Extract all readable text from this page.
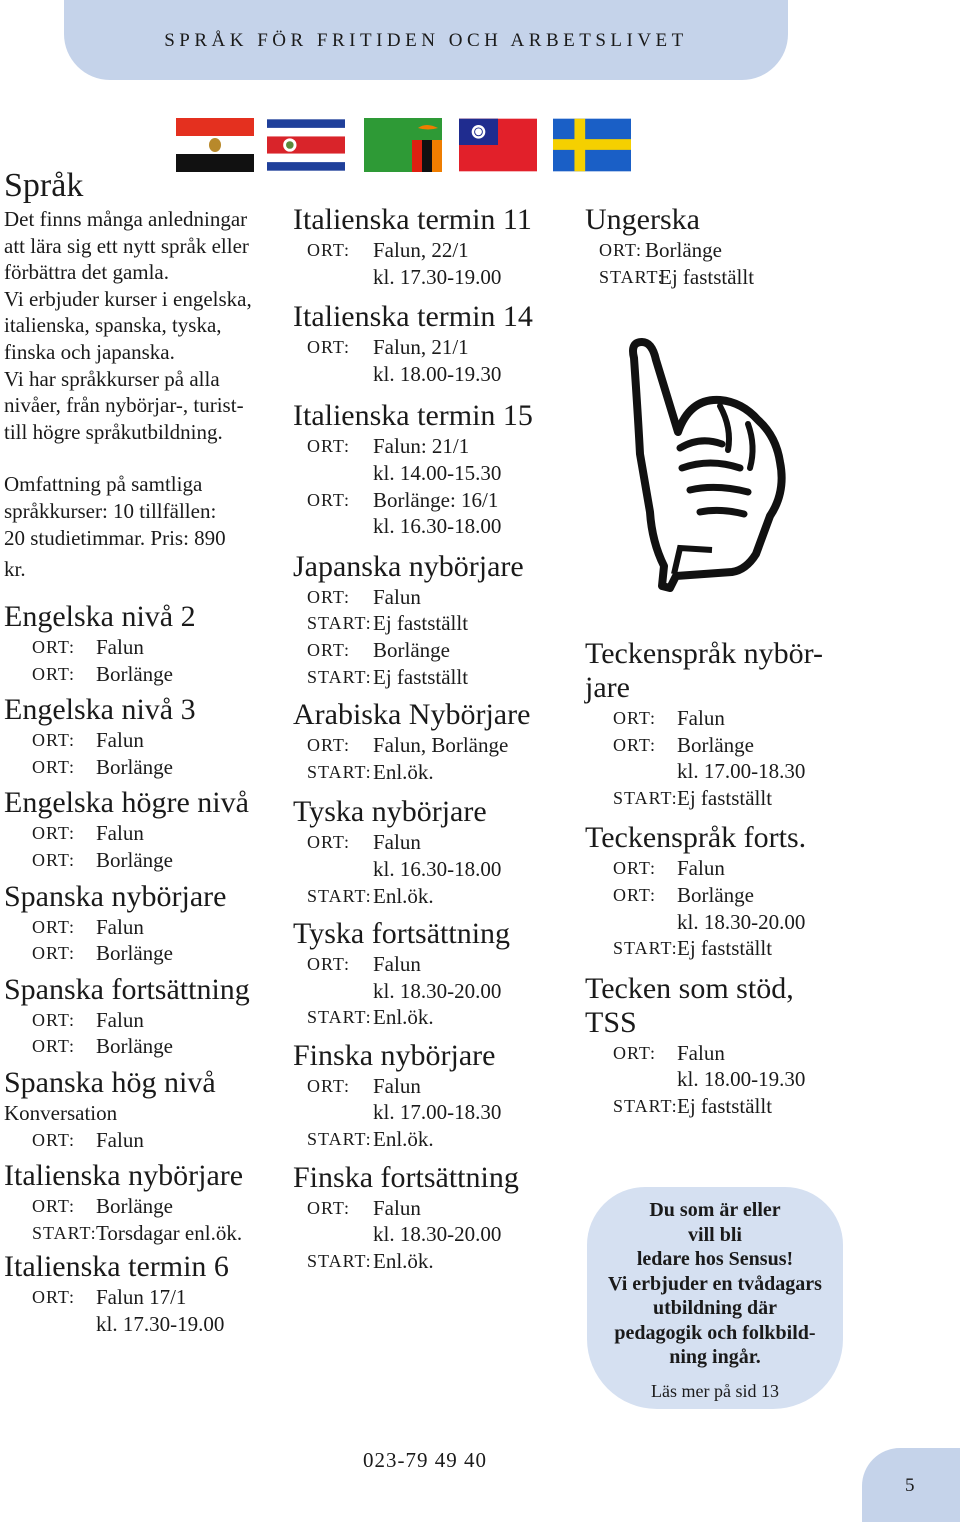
SPRÅK FÖR FRITIDEN OCH ARBETSLIVET
Språk
Det finns många anledningar
att lära sig ett nytt språk eller
förbättra det gamla.
Vi erbjuder kurser i engelska,
italienska, spanska, tyska,
finska och japanska.
Vi har språkkurser på alla
nivåer, från nybörjar-, turist-
till högre språkutbildning.
Omfattning på samtliga
språkkurser: 10 tillfällen:
20 studietimmar. Pris: 890
kr.
Engelska nivå 2
ORT: Falun
ORT: Borlänge
Engelska nivå 3
ORT: Falun
ORT: Borlänge
Engelska högre nivå
ORT: Falun
ORT: Borlänge
Spanska nybörjare
ORT: Falun
ORT: Borlänge
Spanska fortsättning
ORT: Falun
ORT: Borlänge
Spanska hög nivå
Konversation
ORT: Falun
Italienska nybörjare
ORT: Borlänge
START: Torsdagar enl.ök.
Italienska termin 6
ORT: Falun 17/1
kl. 17.30-19.00
Italienska termin 11
ORT: Falun, 22/1
kl. 17.30-19.00
Italienska termin 14
ORT: Falun, 21/1
kl. 18.00-19.30
Italienska termin 15
ORT: Falun: 21/1
kl. 14.00-15.30
ORT: Borlänge: 16/1
kl. 16.30-18.00
Japanska nybörjare
ORT: Falun
START: Ej fastställt
ORT: Borlänge
START: Ej fastställt
Arabiska Nybörjare
ORT: Falun, Borlänge
START: Enl.ök.
Tyska nybörjare
ORT: Falun
kl. 16.30-18.00
START: Enl.ök.
Tyska fortsättning
ORT: Falun
kl. 18.30-20.00
START: Enl.ök.
Finska nybörjare
ORT: Falun
kl. 17.00-18.30
START: Enl.ök.
Finska fortsättning
ORT: Falun
kl. 18.30-20.00
START: Enl.ök.
Ungerska
ORT: Borlänge
START:
Ej fastställt
Teckenspråk nybör-
jare
ORT: Falun
ORT: Borlänge
kl. 17.00-18.30
START: Ej fastställt
Teckenspråk forts.
ORT: Falun
ORT: Borlänge
kl. 18.30-20.00
START: Ej fastställt
Tecken som stöd,
TSS
ORT: Falun
kl. 18.00-19.30
START: Ej fastställt
Du som är eller
vill bli
ledare hos Sensus!
Vi erbjuder en tvådagars
utbildning där
pedagogik och folkbild-
ning ingår.
Läs mer på sid 13
023-79 49 40
5
